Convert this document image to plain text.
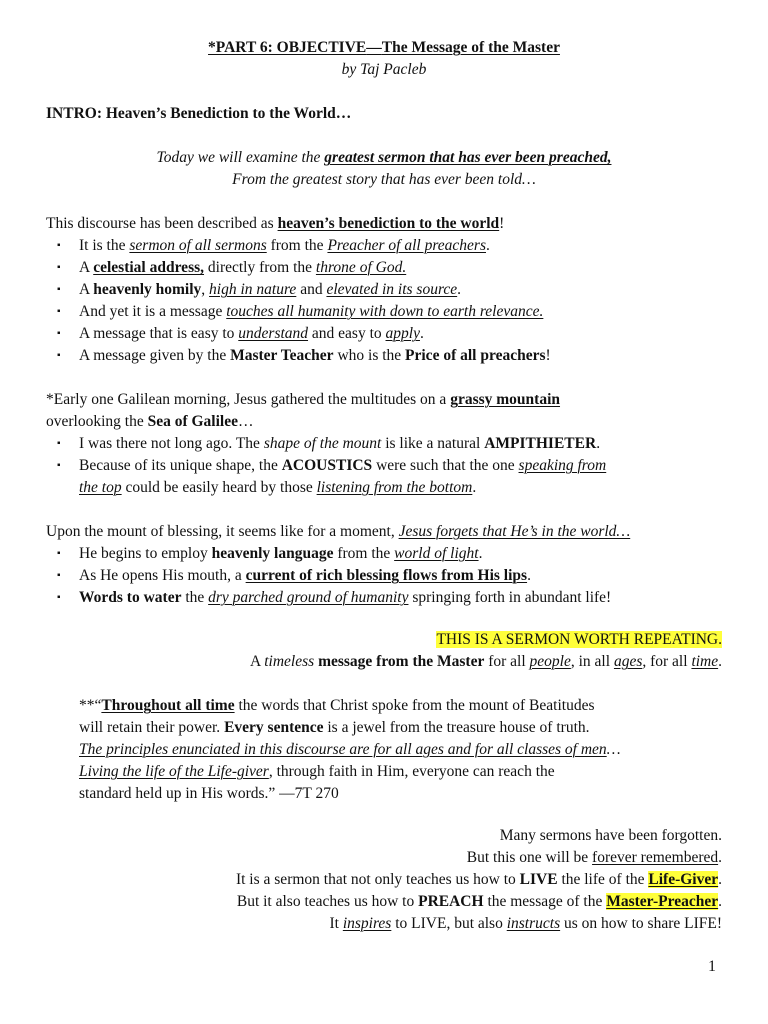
*PART 6: OBJECTIVE—The Message of the Master
by Taj Pacleb
INTRO: Heaven’s Benediction to the World…
Today we will examine the greatest sermon that has ever been preached,
From the greatest story that has ever been told…
This discourse has been described as heaven’s benediction to the world!
▪ It is the sermon of all sermons from the Preacher of all preachers.
▪ A celestial address, directly from the throne of God.
▪ A heavenly homily, high in nature and elevated in its source.
▪ And yet it is a message touches all humanity with down to earth relevance.
▪ A message that is easy to understand and easy to apply.
▪ A message given by the Master Teacher who is the Price of all preachers!
*Early one Galilean morning, Jesus gathered the multitudes on a grassy mountain
overlooking the Sea of Galilee…
▪ I was there not long ago. The shape of the mount is like a natural AMPITHIETER.
▪ Because of its unique shape, the ACOUSTICS were such that the one speaking from
the top could be easily heard by those listening from the bottom.
Upon the mount of blessing, it seems like for a moment, Jesus forgets that He’s in the world…
▪ He begins to employ heavenly language from the world of light.
▪ As He opens His mouth, a current of rich blessing flows from His lips.
▪ Words to water the dry parched ground of humanity springing forth in abundant life!
THIS IS A SERMON WORTH REPEATING.
A timeless message from the Master for all people, in all ages, for all time.
**“Throughout all time the words that Christ spoke from the mount of Beatitudes
will retain their power. Every sentence is a jewel from the treasure house of truth.
The principles enunciated in this discourse are for all ages and for all classes of men…
Living the life of the Life-giver, through faith in Him, everyone can reach the
standard held up in His words.” —7T 270
Many sermons have been forgotten.
But this one will be forever remembered.
It is a sermon that not only teaches us how to LIVE the life of the Life-Giver.
But it also teaches us how to PREACH the message of the Master-Preacher.
It inspires to LIVE, but also instructs us on how to share LIFE!
1
